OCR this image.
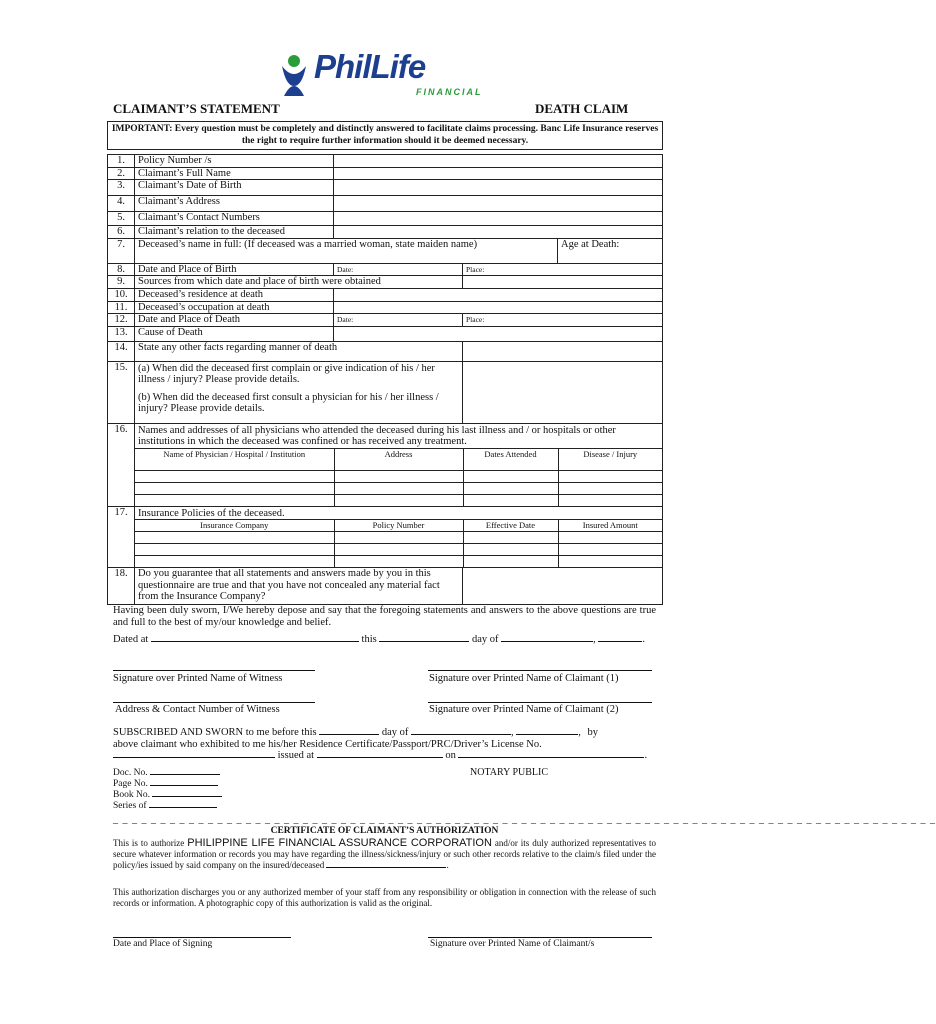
PhilLife
FINANCIAL
CLAIMANT’S STATEMENT	DEATH CLAIM
IMPORTANT: Every question must be completely and distinctly answered to facilitate claims processing. Banc Life Insurance reserves the right to require further information should it be deemed necessary.

1.	Policy Number /s	
2.	Claimant’s Full Name	
3.	Claimant’s Date of Birth	
4.	Claimant’s Address	
5.	Claimant’s Contact Numbers	
6.	Claimant’s relation to the deceased	
7.	Deceased’s name in full: (If deceased was a married woman, state maiden name)	Age at Death:
8.	Date and Place of Birth	Date:	Place:
9.	Sources from which date and place of birth were obtained	
10.	Deceased’s residence at death	
11.	Deceased’s occupation at death	
12.	Date and Place of Death	Date:	Place:
13.	Cause of Death	
14.	State any other facts regarding manner of death	
15.	(a) When did the deceased first complain or give indication of his / her illness / injury? Please provide details.
(b) When did the deceased first consult a physician for his / her illness / injury? Please provide details.

16.	Names and addresses of all physicians who attended the deceased during his last illness and / or hospitals or other institutions in which the deceased was confined or has received any treatment.
Name of Physician / Hospital / Institution	Address	Dates Attended	Disease / Injury

17.	Insurance Policies of the deceased.
Insurance Company	Policy Number	Effective Date	Insured Amount

18.	Do you guarantee that all statements and answers made by you in this questionnaire are true and that you have not concealed any material fact from the Insurance Company?	
Having been duly sworn, I/We hereby depose and say that the foregoing statements and answers to the above questions are true and full to the best of my/our knowledge and belief.
Dated at	this	day of	,	.
Signature over Printed Name of Witness	Signature over Printed Name of Claimant (1)
Address & Contact Number of Witness	Signature over Printed Name of Claimant (2)
SUBSCRIBED AND SWORN to me before this	day of	,	, by
above claimant who exhibited to me his/her Residence Certificate/Passport/PRC/Driver’s License No.
issued at	on	.
Doc. No.
Page No.
Book No.
Series of
NOTARY PUBLIC
_ _ _ _ _ _ _ _ _ _ _ _ _ _ _ _ _ _ _ _ _ _ _ _ _ _ _ _ _ _ _ _ _ _ _ _ _ _ _ _ _ _ _ _ _ _ _ _ _ _ _ _ _ _ _ _ _ _ _ _ _ _ _ _ _ _ _ _ _ _ _ _ _ _ _ _ _ _ _ _ _ _ _ _ _ _ _
CERTIFICATE OF CLAIMANT’S AUTHORIZATION
This is to authorize PHILIPPINE LIFE FINANCIAL ASSURANCE CORPORATION and/or its duly authorized representatives to secure whatever information or records you may have regarding the illness/sickness/injury or such other records relative to the claim/s filed under the policy/ies issued by said company on the insured/deceased	.
This authorization discharges you or any authorized member of your staff from any responsibility or obligation in connection with the release of such records or information. A photographic copy of this authorization is valid as the original.
Date and Place of Signing	Signature over Printed Name of Claimant/s
